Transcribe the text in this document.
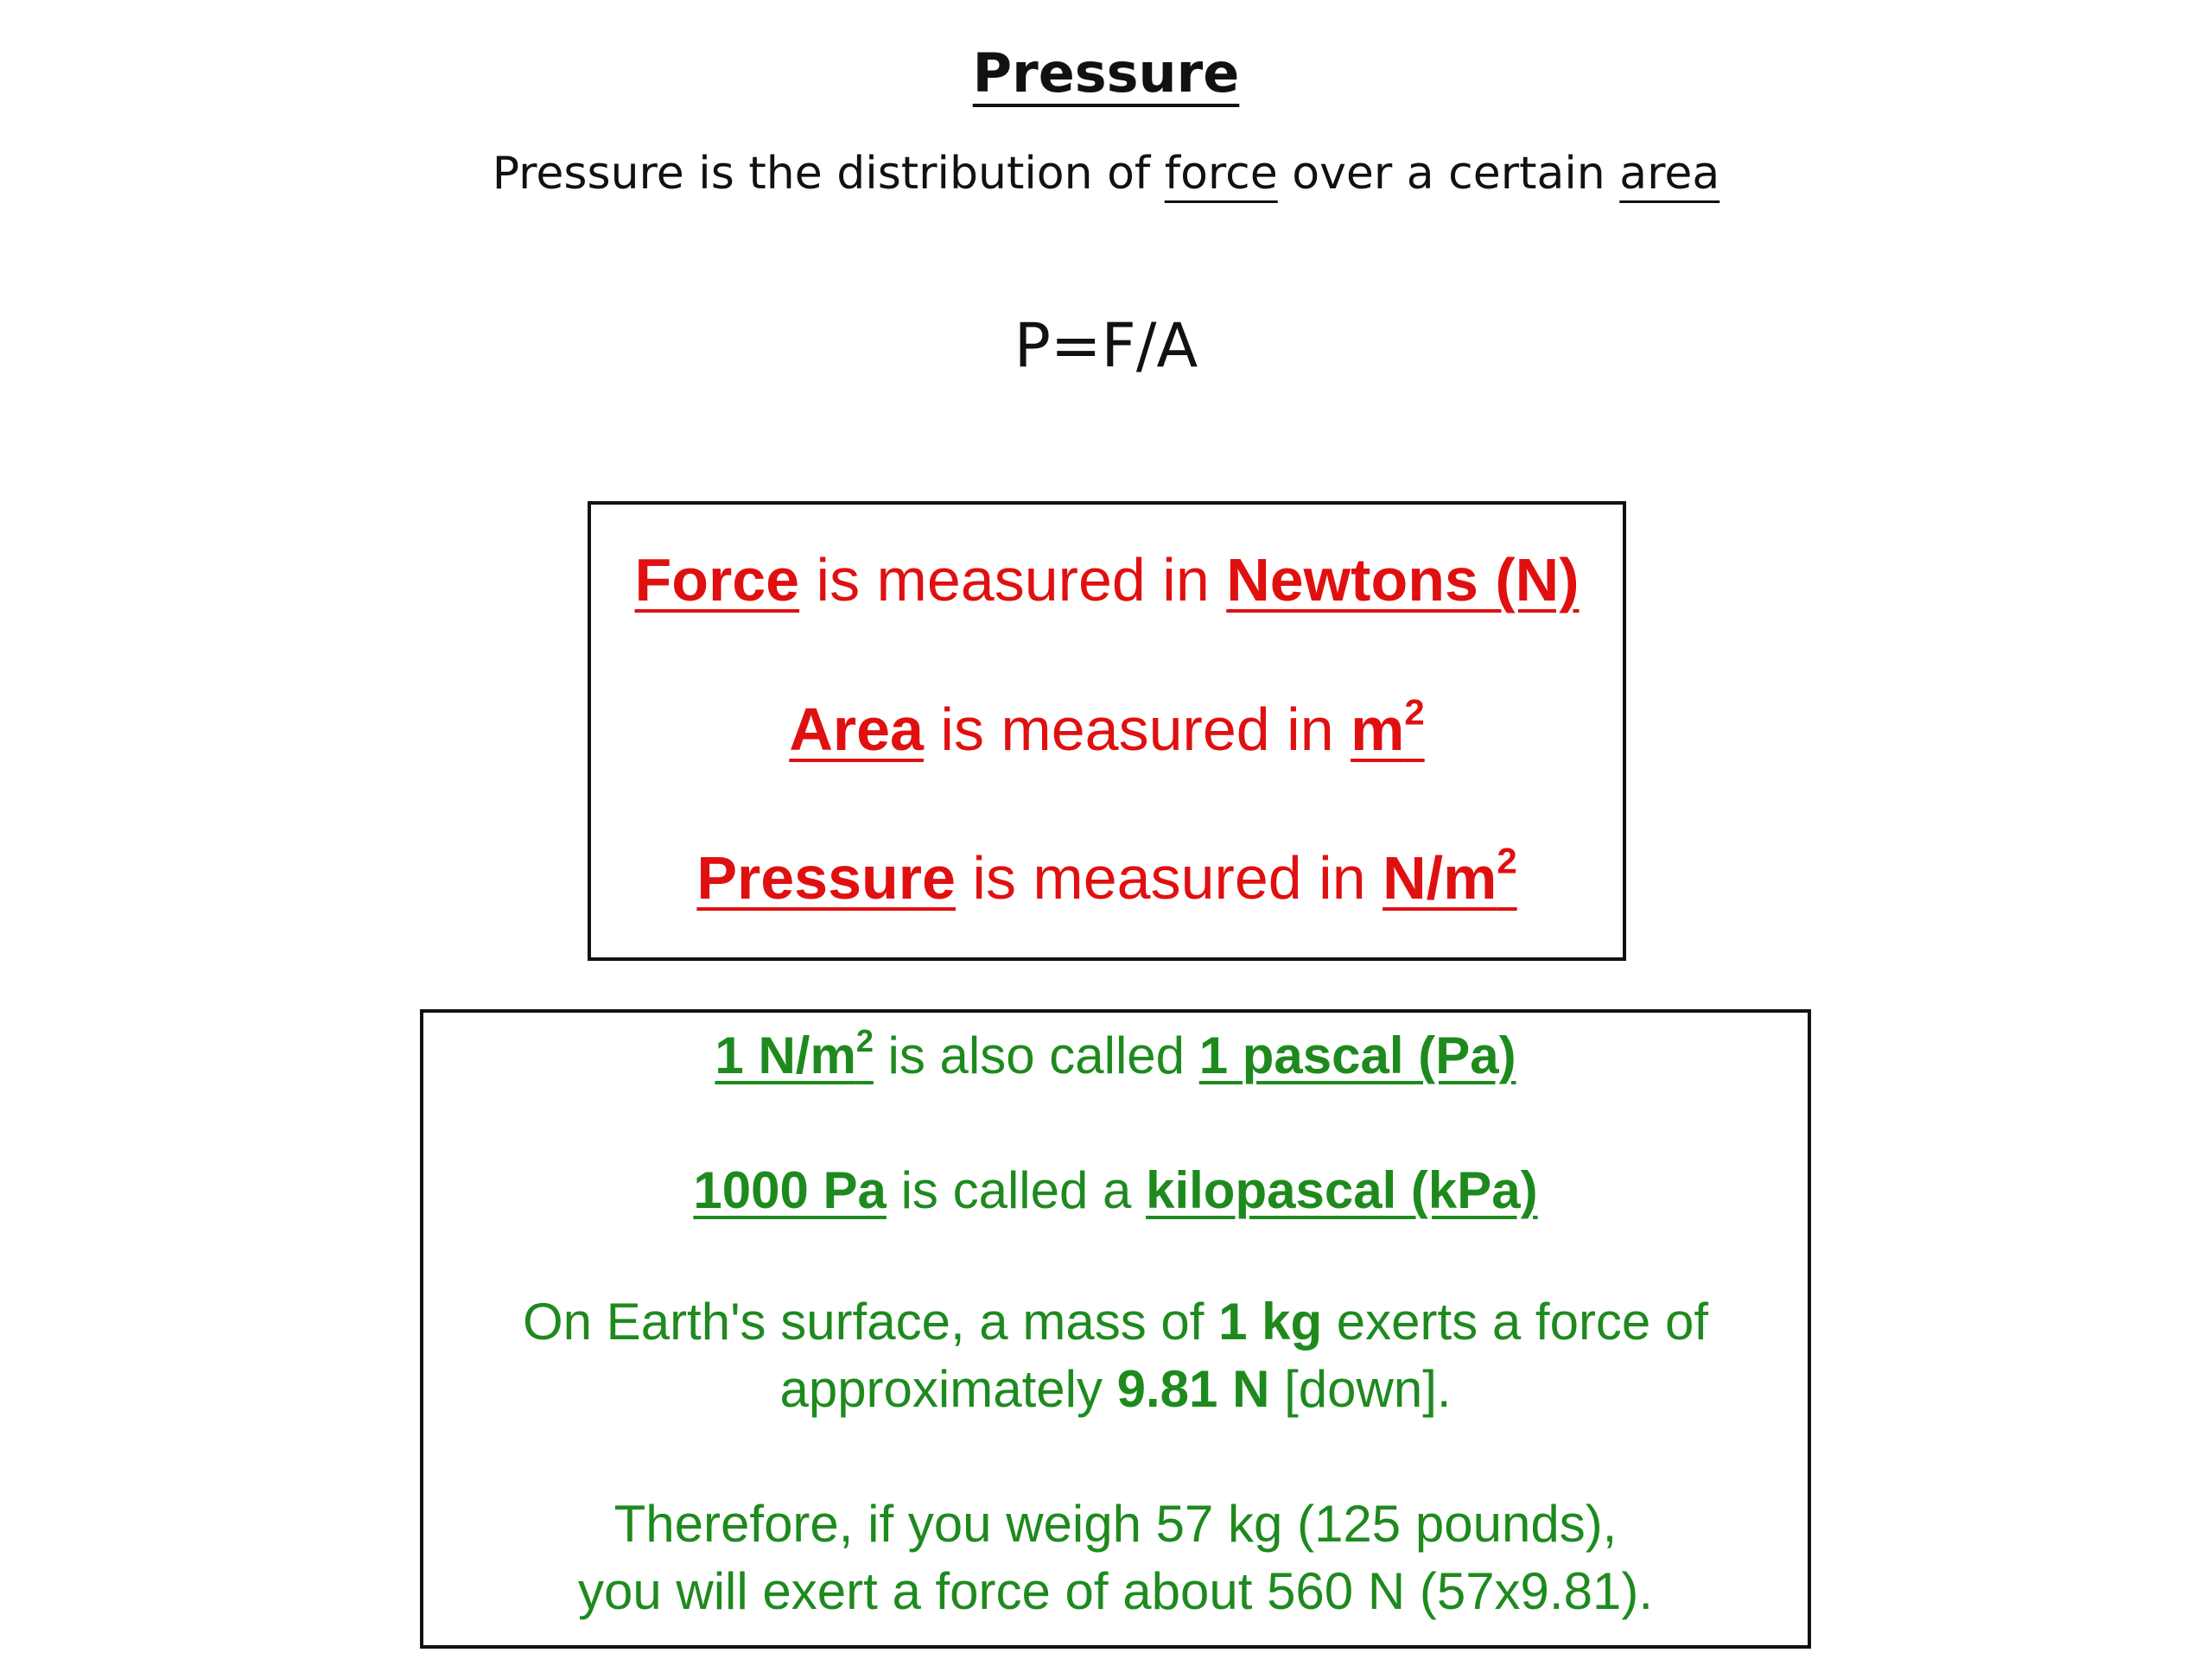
Pressure
Pressure is the distribution of force over a certain area
P=F/A
Force is measured in Newtons (N)
Area is measured in $m^2$
Pressure is measured in $N/m^2$
1 $N/m^2$ is also called 1 pascal (Pa)
1000 Pa is called a kilopascal (kPa)
On Earth's surface, a mass of 1 kg exerts a force of
approximately 9.81 N [down].
Therefore, if you weigh 57 kg (125 pounds),
you will exert a force of about 560 N (57x9.81).
